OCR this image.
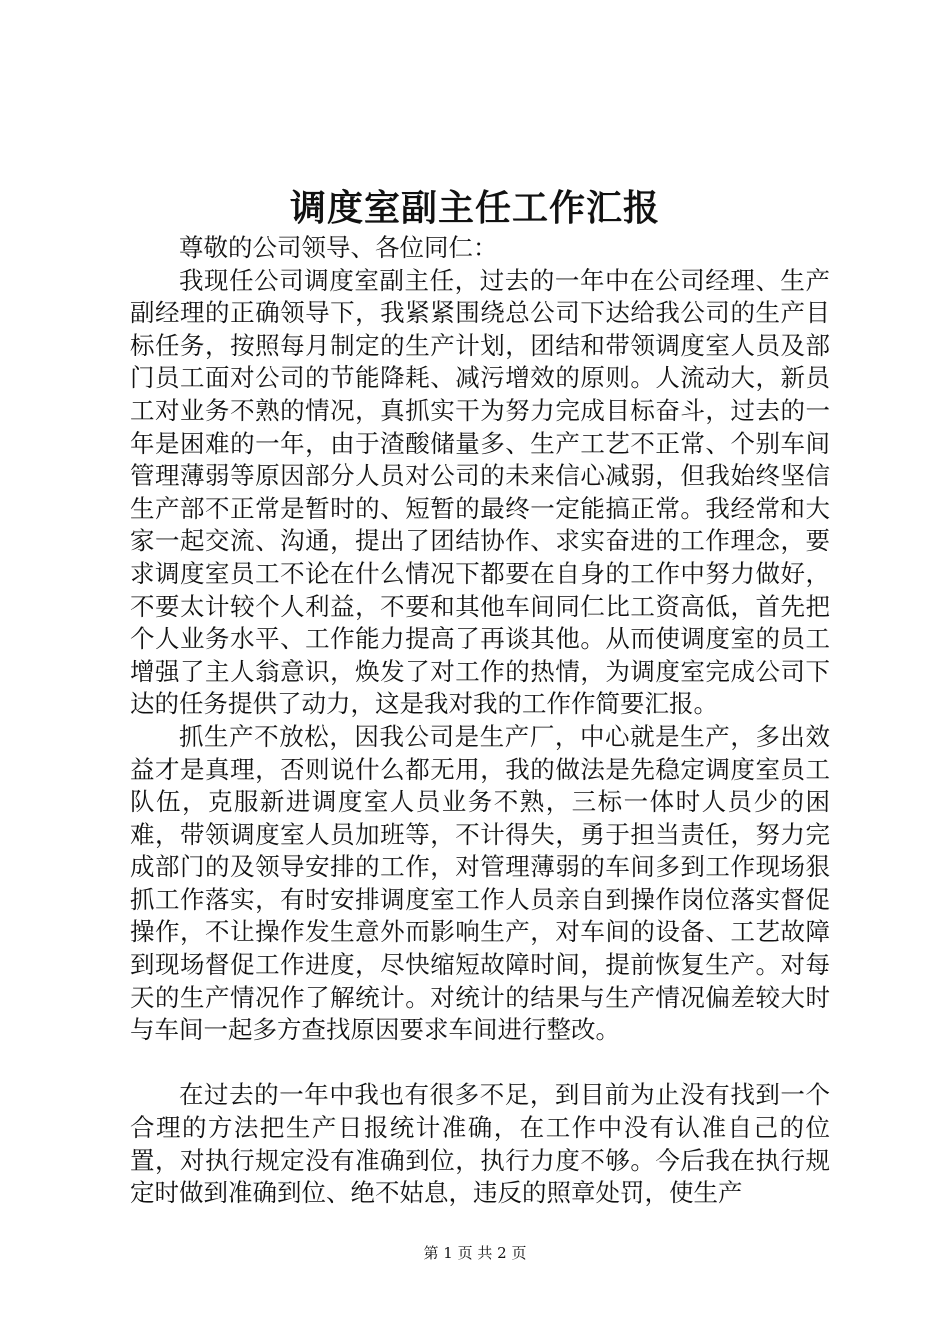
调度室副主任工作汇报

尊敬的公司领导、各位同仁：

我现任公司调度室副主任，过去的一年中在公司经理、生产副经理的正确领导下，我紧紧围绕总公司下达给我公司的生产目标任务，按照每月制定的生产计划，团结和带领调度室人员及部门员工面对公司的节能降耗、减污增效的原则。人流动大，新员工对业务不熟的情况，真抓实干为努力完成目标奋斗，过去的一年是困难的一年，由于渣酸储量多、生产工艺不正常、个别车间管理薄弱等原因部分人员对公司的未来信心减弱，但我始终坚信生产部不正常是暂时的、短暂的最终一定能搞正常。我经常和大家一起交流、沟通，提出了团结协作、求实奋进的工作理念，要求调度室员工不论在什么情况下都要在自身的工作中努力做好，不要太计较个人利益，不要和其他车间同仁比工资高低，首先把个人业务水平、工作能力提高了再谈其他。从而使调度室的员工增强了主人翁意识，焕发了对工作的热情，为调度室完成公司下达的任务提供了动力，这是我对我的工作作简要汇报。

抓生产不放松，因我公司是生产厂，中心就是生产，多出效益才是真理，否则说什么都无用，我的做法是先稳定调度室员工队伍，克服新进调度室人员业务不熟，三标一体时人员少的困难，带领调度室人员加班等，不计得失，勇于担当责任，努力完成部门的及领导安排的工作，对管理薄弱的车间多到工作现场狠抓工作落实，有时安排调度室工作人员亲自到操作岗位落实督促操作，不让操作发生意外而影响生产，对车间的设备、工艺故障到现场督促工作进度，尽快缩短故障时间，提前恢复生产。对每天的生产情况作了解统计。对统计的结果与生产情况偏差较大时与车间一起多方查找原因要求车间进行整改。

在过去的一年中我也有很多不足，到目前为止没有找到一个合理的方法把生产日报统计准确，在工作中没有认准自己的位置，对执行规定没有准确到位，执行力度不够。今后我在执行规定时做到准确到位、绝不姑息，违反的照章处罚，使生产

第 1 页 共 2 页
